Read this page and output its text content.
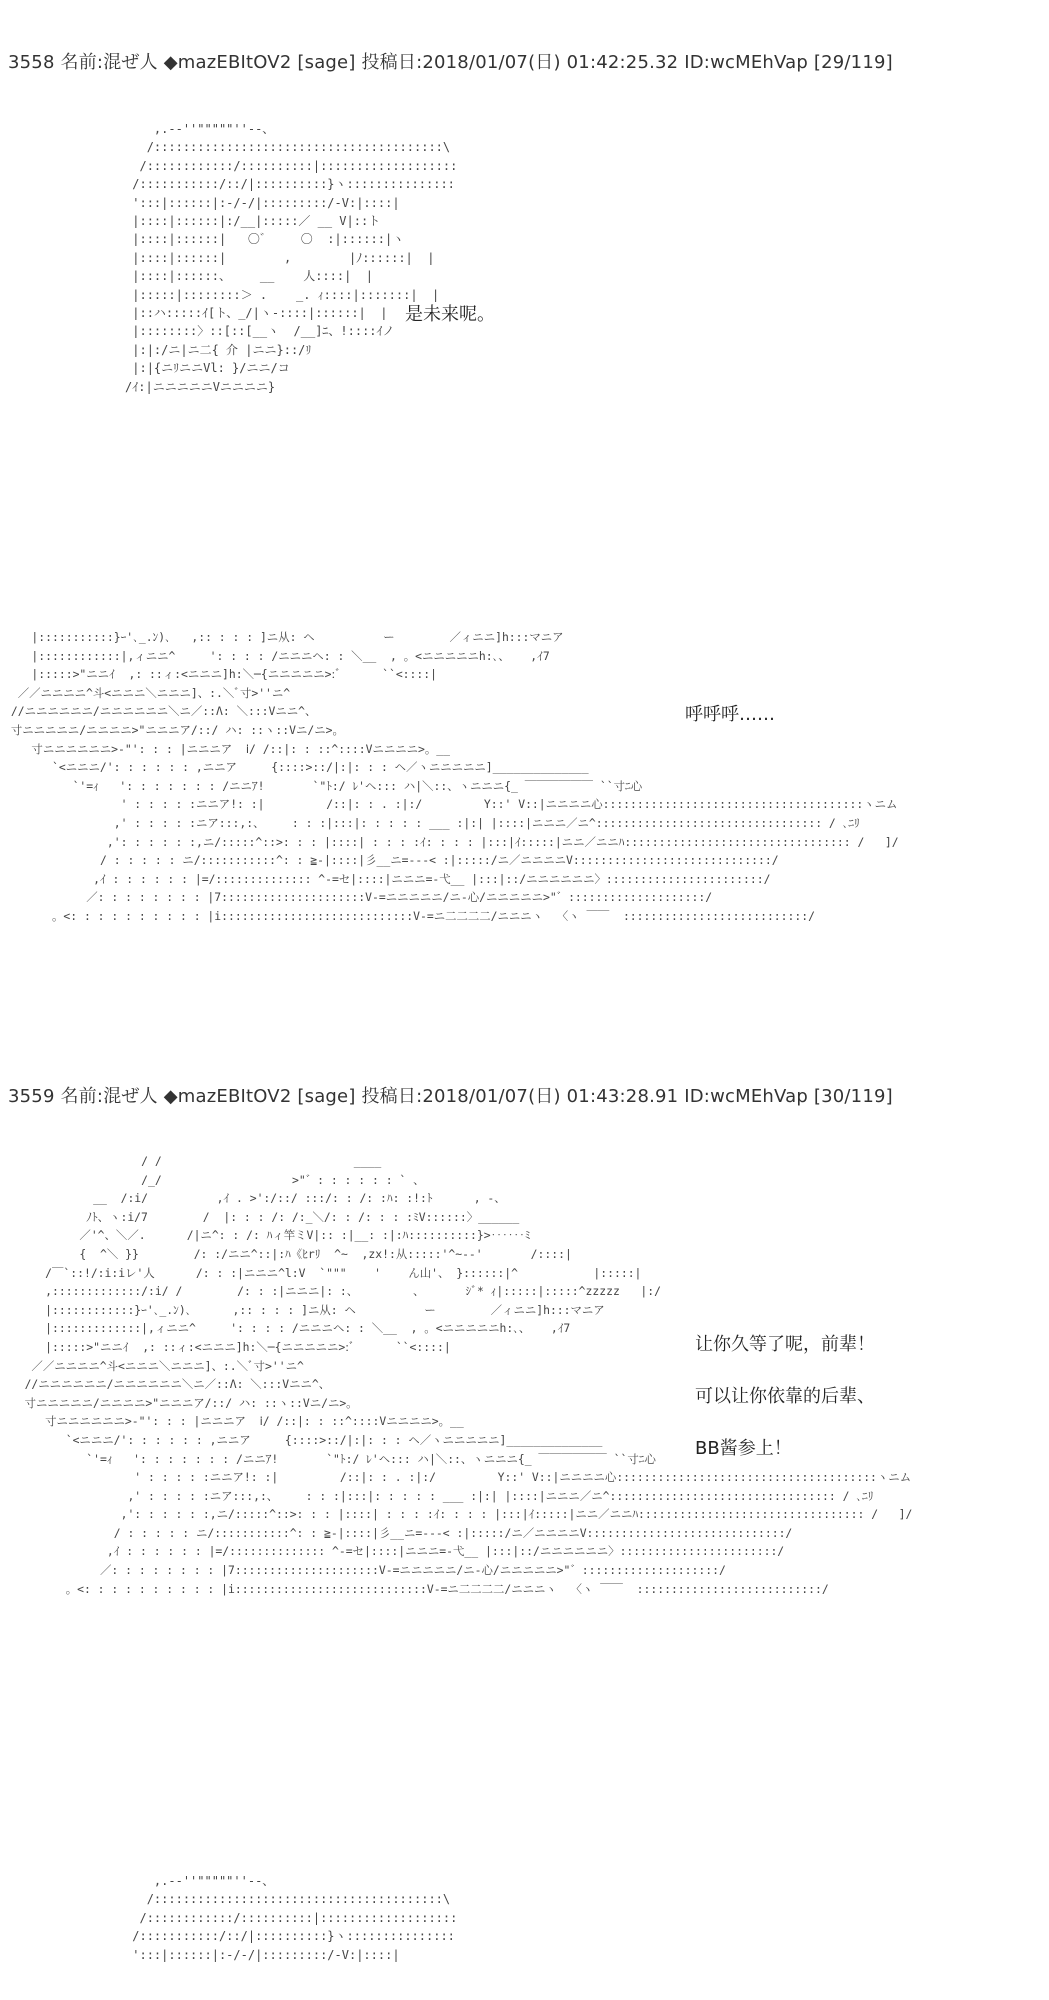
3558 名前:混ぜ人 ◆mazEBItOV2 [sage] 投稿日:2018/01/07(日) 01:42:25.32 ID:wcMEhVap [29/119]
,.-‐''"""""''‐-、
/::::::::::::::::::::::::::::::::::::::::\
/::::::::::::/::::::::::|:::::::::::::::::::
/:::::::::::/::/|::::::::::}ヽ:::::::::::::::
':::|::::::|:-/-/|:::::::::/-V:|::::|
|::::|::::::|:/__|:::::／ __ V|::ト
|::::|::::::|   〇゛    〇  :|::::::|ヽ
|::::|::::::|        ,        |ﾉ::::::|  |
|::::|::::::、    __    人::::|  |
|:::::|::::::::＞ .    _. ｨ::::|:::::::|  |
|::ハ:::::ｲ[ト、_/|ヽ-::::|::::::|  |
|::::::::〉::[::[__ヽ  /__]ﾆ、!::::ｲノ
|:|:/ニ|ニ二{ 介 |ニニ}::/ﾘ
|:|{ニﾘニニVl: }/ニニ/コ
/ｲ:|ニニニニニVニニニニ}
是未来呢。
|:::::::::::}ｰ'､_.ﾝ)､   ,:: : : : ]ニ从: ヘ          ー        ／ィニニ]h:::マニア
|::::::::::::|,ィニニ^     ': : : : /ニニニヘ: : ＼__  , 。<ニニニニニh:､、   ,ｲ7
|:::::>"ニニｲ  ,: ::ィ:<ニニニ]h:＼─{ニニニニニ>:ﾞ      ``<::::|
／／ニニニニ^斗<ニニニ＼ニニニ]、:.＼ﾞ寸>''ニ^
//ニニニニニニ/ニニニニニニ＼ニ／::Λ: ＼:::Vニニ^、
寸ニニニニニ/ニニニニ>"ニニニア/::/ ハ: ::ヽ::Vニ/ニ>。
寸ニニニニニニ>-"': : : |ニニニア  ⅰ/ /::|: : ::^::::Vニニニニ>。__
`<ニニニ/': : : : : : ,ニニア     {::::>::/|:|: : : ヘ／ヽニニニニニ]______________
`'=ｨ   ': : : : : : : /ニニｱ!       `"ﾄ:/ ﾚ'ヘ::: ハ|＼::、ヽニニニ{_ ￣￣￣￣￣￣ ``寸ﾆ心
' : : : : :ニニア!: :|         /::|: : . :|:/         Y::' V::|ニニニニ心::::::::::::::::::::::::::::::::::::::ヽニム
,' : : : : :ニア:::,:、    : : :|:::|: : : : : ___ :|:| |::::|ニニニ／ニ^::::::::::::::::::::::::::::::::: / ､ﾆﾘ
,': : : : : :,ニ/:::::^::>: : : |::::| : : : :ｲ: : : : |:::|ｲ:::::|ニニ／ニニﾊ::::::::::::::::::::::::::::::::: /   ]/
/ : : : : : ニ/:::::::::::^: : ≧-|::::|彡__ニ=---< :|:::::/ニ／ニニニニV:::::::::::::::::::::::::::::/
,ｲ : : : : : : |=/:::::::::::::: ^-=セ|::::|ニニニ=-弋__ |:::|::/ニニニニニニ〉:::::::::::::::::::::::/
／: : : : : : : : |7:::::::::::::::::::::V-=ニニニニニ/ニ-心/ニニニニニ>"゛::::::::::::::::::::/
。<: : : : : : : : : : |i::::::::::::::::::::::::::::V-=ニ二二二二/ニニニヽ  〈ヽ ￣￣  :::::::::::::::::::::::::::/
呼呼呼……
3559 名前:混ぜ人 ◆mazEBItOV2 [sage] 投稿日:2018/01/07(日) 01:43:28.91 ID:wcMEhVap [30/119]
/ /                            ____
/_/                   >"゛: : : : : : ` 、
__  /:i/          ,ｲ . >':/::/ :::/: : /: :ﾊ: :!:ﾄ      , -、
ﾉﾄ、ヽ:i/7        /  |: : : /: /:_＼/: : /: : : :ﾐV::::::〉______
／'^、＼／.      /|ニ^: : /: ﾊィ竿ミV|:: :|__: :|:ﾊ::::::::::}>‥‥‥ﾐ
{  ^＼ }}        /: :/ニニ^::|:ﾊ《ﾋrﾘ  ^~  ,zx!:从:::::'^~‐‐'       /::::|
/￣`::!/:i:iレ'人      /: : :|ニニニ^l:V  `"""    '    ん山'、 }::::::|^           |:::::|
,:::::::::::::/:i/ /        /: : :|ニニニ|: :、        、      ｼﾞ* ｨ|:::::|:::::^zzzzz   |:/
|::::::::::::}ｰ'､_.ﾝ)､      ,:: : : : ]ニ从: ヘ          ー        ／ィニニ]h:::マニア
|:::::::::::::|,ィニニ^     ': : : : /ニニニヘ: : ＼__  , 。<ニニニニニh:､、   ,ｲ7
|:::::>"ニニｲ  ,: ::ィ:<ニニニ]h:＼─{ニニニニニ>:ﾞ      ``<::::|
／／ニニニニ^斗<ニニニ＼ニニニ]、:.＼ﾞ寸>''ニ^
//ニニニニニニ/ニニニニニニ＼ニ／::Λ: ＼:::Vニニ^、
寸ニニニニニ/ニニニニ>"ニニニア/::/ ハ: ::ヽ::Vニ/ニ>。
寸ニニニニニニ>-"': : : |ニニニア  ⅰ/ /::|: : ::^::::Vニニニニ>。__
`<ニニニ/': : : : : : ,ニニア     {::::>::/|:|: : : ヘ／ヽニニニニニ]______________
`'=ｨ   ': : : : : : : /ニニｱ!       `"ﾄ:/ ﾚ'ヘ::: ハ|＼::、ヽニニニ{_ ￣￣￣￣￣￣ ``寸ﾆ心
' : : : : :ニニア!: :|         /::|: : . :|:/         Y::' V::|ニニニニ心::::::::::::::::::::::::::::::::::::::ヽニム
,' : : : : :ニア:::,:、    : : :|:::|: : : : : ___ :|:| |::::|ニニニ／ニ^::::::::::::::::::::::::::::::::: / ､ﾆﾘ
,': : : : : :,ニ/:::::^::>: : : |::::| : : : :ｲ: : : : |:::|ｲ:::::|ニニ／ニニﾊ::::::::::::::::::::::::::::::::: /   ]/
/ : : : : : ニ/:::::::::::^: : ≧-|::::|彡__ニ=---< :|:::::/ニ／ニニニニV:::::::::::::::::::::::::::::/
,ｲ : : : : : : |=/:::::::::::::: ^-=セ|::::|ニニニ=-弋__ |:::|::/ニニニニニニ〉:::::::::::::::::::::::/
／: : : : : : : : |7:::::::::::::::::::::V-=ニニニニニ/ニ-心/ニニニニニ>"゛::::::::::::::::::::/
。<: : : : : : : : : : |i::::::::::::::::::::::::::::V-=ニ二二二二/ニニニヽ  〈ヽ ￣￣  :::::::::::::::::::::::::::/
让你久等了呢，前辈！
可以让你依靠的后辈、
BB酱参上！
,.-‐''"""""''‐-、
/::::::::::::::::::::::::::::::::::::::::\
/::::::::::::/::::::::::|:::::::::::::::::::
/:::::::::::/::/|::::::::::}ヽ:::::::::::::::
':::|::::::|:-/-/|:::::::::/-V:|::::|
